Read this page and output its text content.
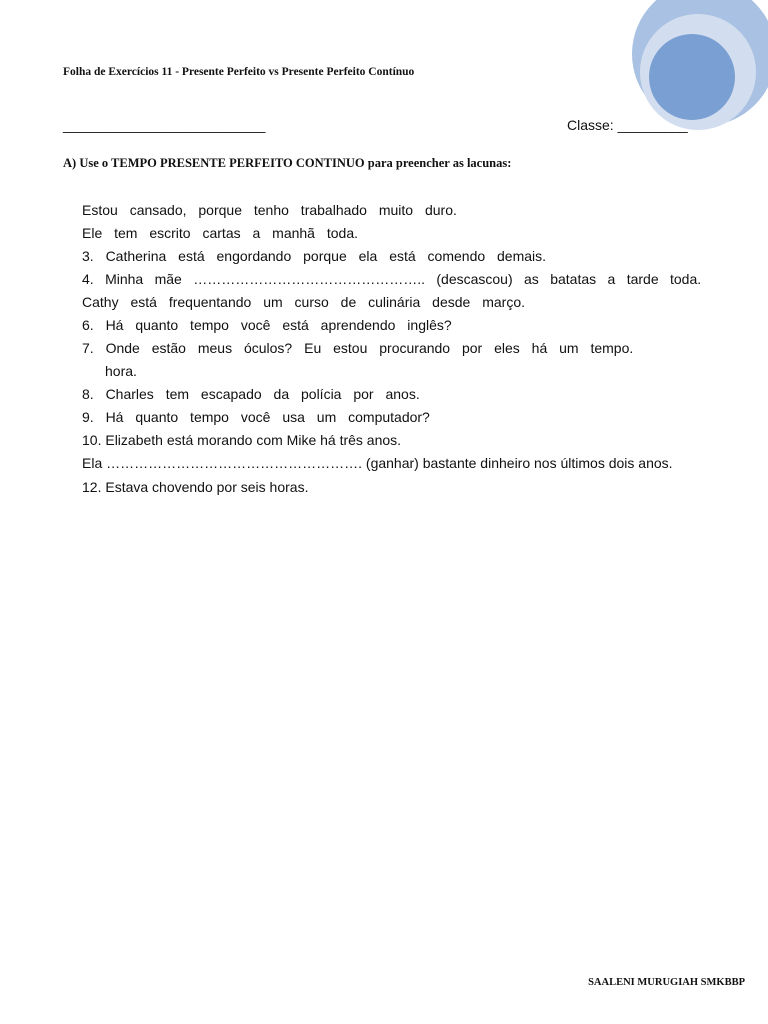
Folha de Exercícios 11 - Presente Perfeito vs Presente Perfeito Contínuo
__________________________	Classe: _________
A) Use o TEMPO PRESENTE PERFEITO CONTINUO para preencher as lacunas:
Estou cansado, porque tenho trabalhado muito duro.
Ele tem escrito cartas a manhã toda.
3. Catherina está engordando porque ela está comendo demais.
4. Minha mãe ………………………………………….. (descascou) as batatas a tarde toda.
Cathy está frequentando um curso de culinária desde março.
6. Há quanto tempo você está aprendendo inglês?
7. Onde estão meus óculos? Eu estou procurando por eles há um tempo.
hora.
8. Charles tem escapado da polícia por anos.
9. Há quanto tempo você usa um computador?
10. Elizabeth está morando com Mike há três anos.
Ela ………………………………………………. (ganhar) bastante dinheiro nos últimos dois anos.
12. Estava chovendo por seis horas.
SAALENI MURUGIAH SMKBBP
